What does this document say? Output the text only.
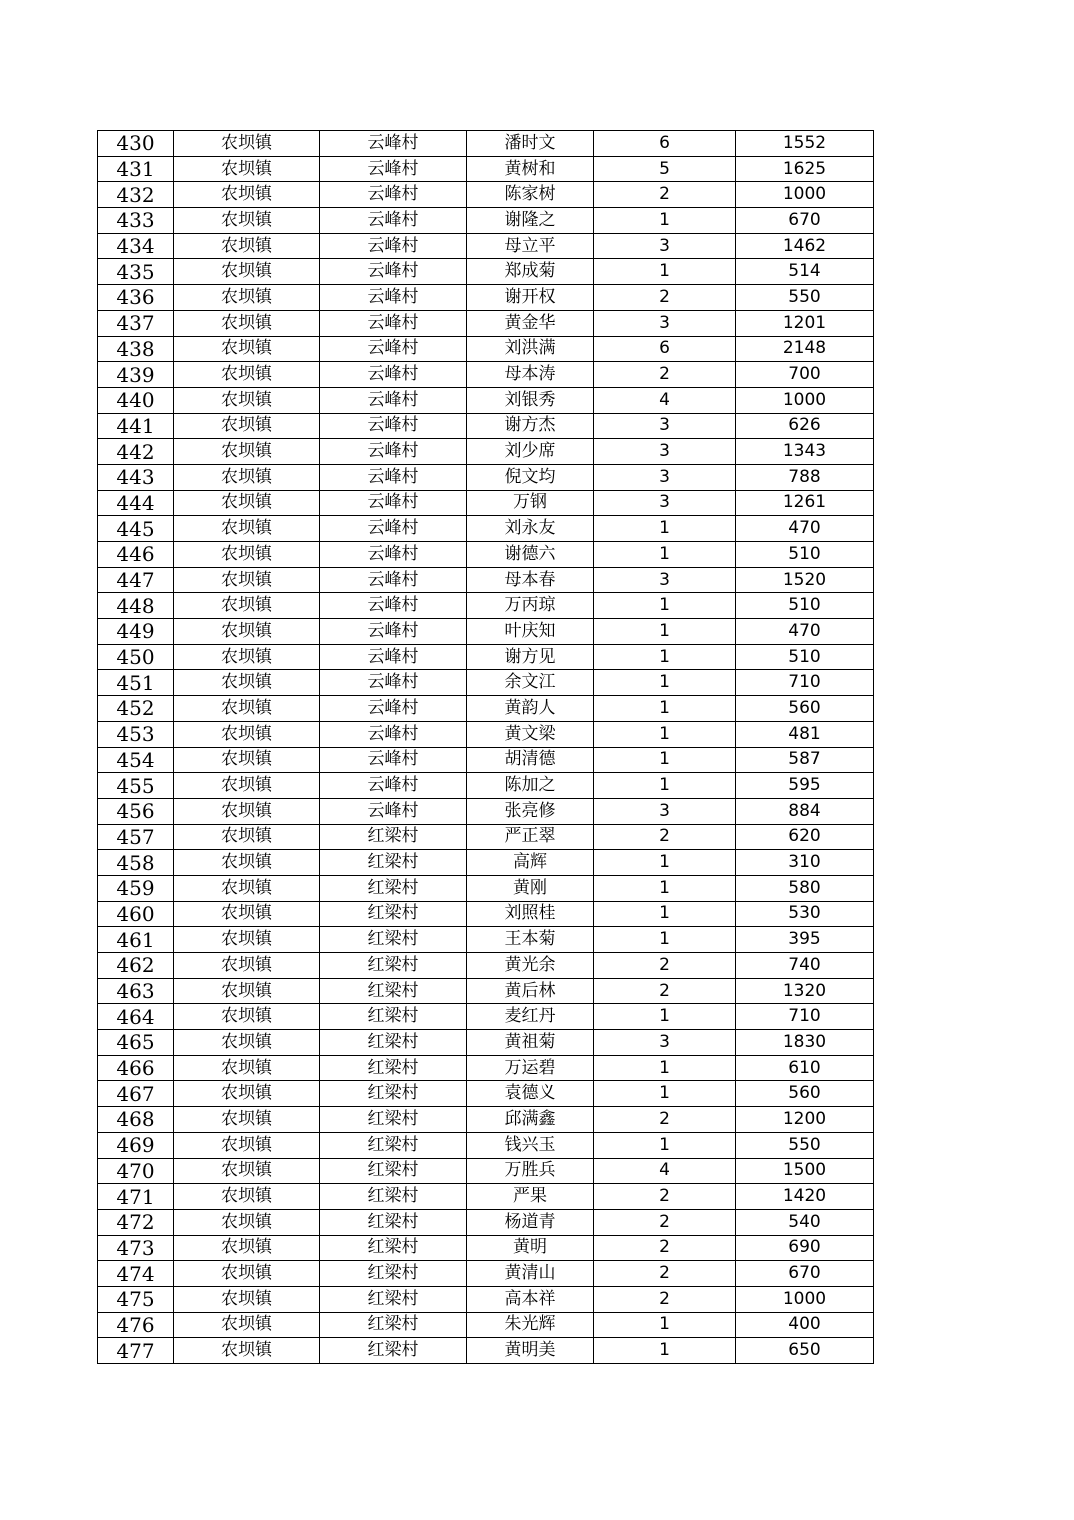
430	农坝镇	云峰村	潘时文	6	1552
431	农坝镇	云峰村	黄树和	5	1625
432	农坝镇	云峰村	陈家树	2	1000
433	农坝镇	云峰村	谢隆之	1	670
434	农坝镇	云峰村	母立平	3	1462
435	农坝镇	云峰村	郑成菊	1	514
436	农坝镇	云峰村	谢开权	2	550
437	农坝镇	云峰村	黄金华	3	1201
438	农坝镇	云峰村	刘洪满	6	2148
439	农坝镇	云峰村	母本涛	2	700
440	农坝镇	云峰村	刘银秀	4	1000
441	农坝镇	云峰村	谢方杰	3	626
442	农坝镇	云峰村	刘少席	3	1343
443	农坝镇	云峰村	倪文均	3	788
444	农坝镇	云峰村	万钢	3	1261
445	农坝镇	云峰村	刘永友	1	470
446	农坝镇	云峰村	谢德六	1	510
447	农坝镇	云峰村	母本春	3	1520
448	农坝镇	云峰村	万丙琼	1	510
449	农坝镇	云峰村	叶庆知	1	470
450	农坝镇	云峰村	谢方见	1	510
451	农坝镇	云峰村	余文江	1	710
452	农坝镇	云峰村	黄韵人	1	560
453	农坝镇	云峰村	黄文梁	1	481
454	农坝镇	云峰村	胡清德	1	587
455	农坝镇	云峰村	陈加之	1	595
456	农坝镇	云峰村	张亮修	3	884
457	农坝镇	红梁村	严正翠	2	620
458	农坝镇	红梁村	高辉	1	310
459	农坝镇	红梁村	黄刚	1	580
460	农坝镇	红梁村	刘照桂	1	530
461	农坝镇	红梁村	王本菊	1	395
462	农坝镇	红梁村	黄光余	2	740
463	农坝镇	红梁村	黄后林	2	1320
464	农坝镇	红梁村	麦红丹	1	710
465	农坝镇	红梁村	黄祖菊	3	1830
466	农坝镇	红梁村	万运碧	1	610
467	农坝镇	红梁村	袁德义	1	560
468	农坝镇	红梁村	邱满鑫	2	1200
469	农坝镇	红梁村	钱兴玉	1	550
470	农坝镇	红梁村	万胜兵	4	1500
471	农坝镇	红梁村	严果	2	1420
472	农坝镇	红梁村	杨道青	2	540
473	农坝镇	红梁村	黄明	2	690
474	农坝镇	红梁村	黄清山	2	670
475	农坝镇	红梁村	高本祥	2	1000
476	农坝镇	红梁村	朱光辉	1	400
477	农坝镇	红梁村	黄明美	1	650
